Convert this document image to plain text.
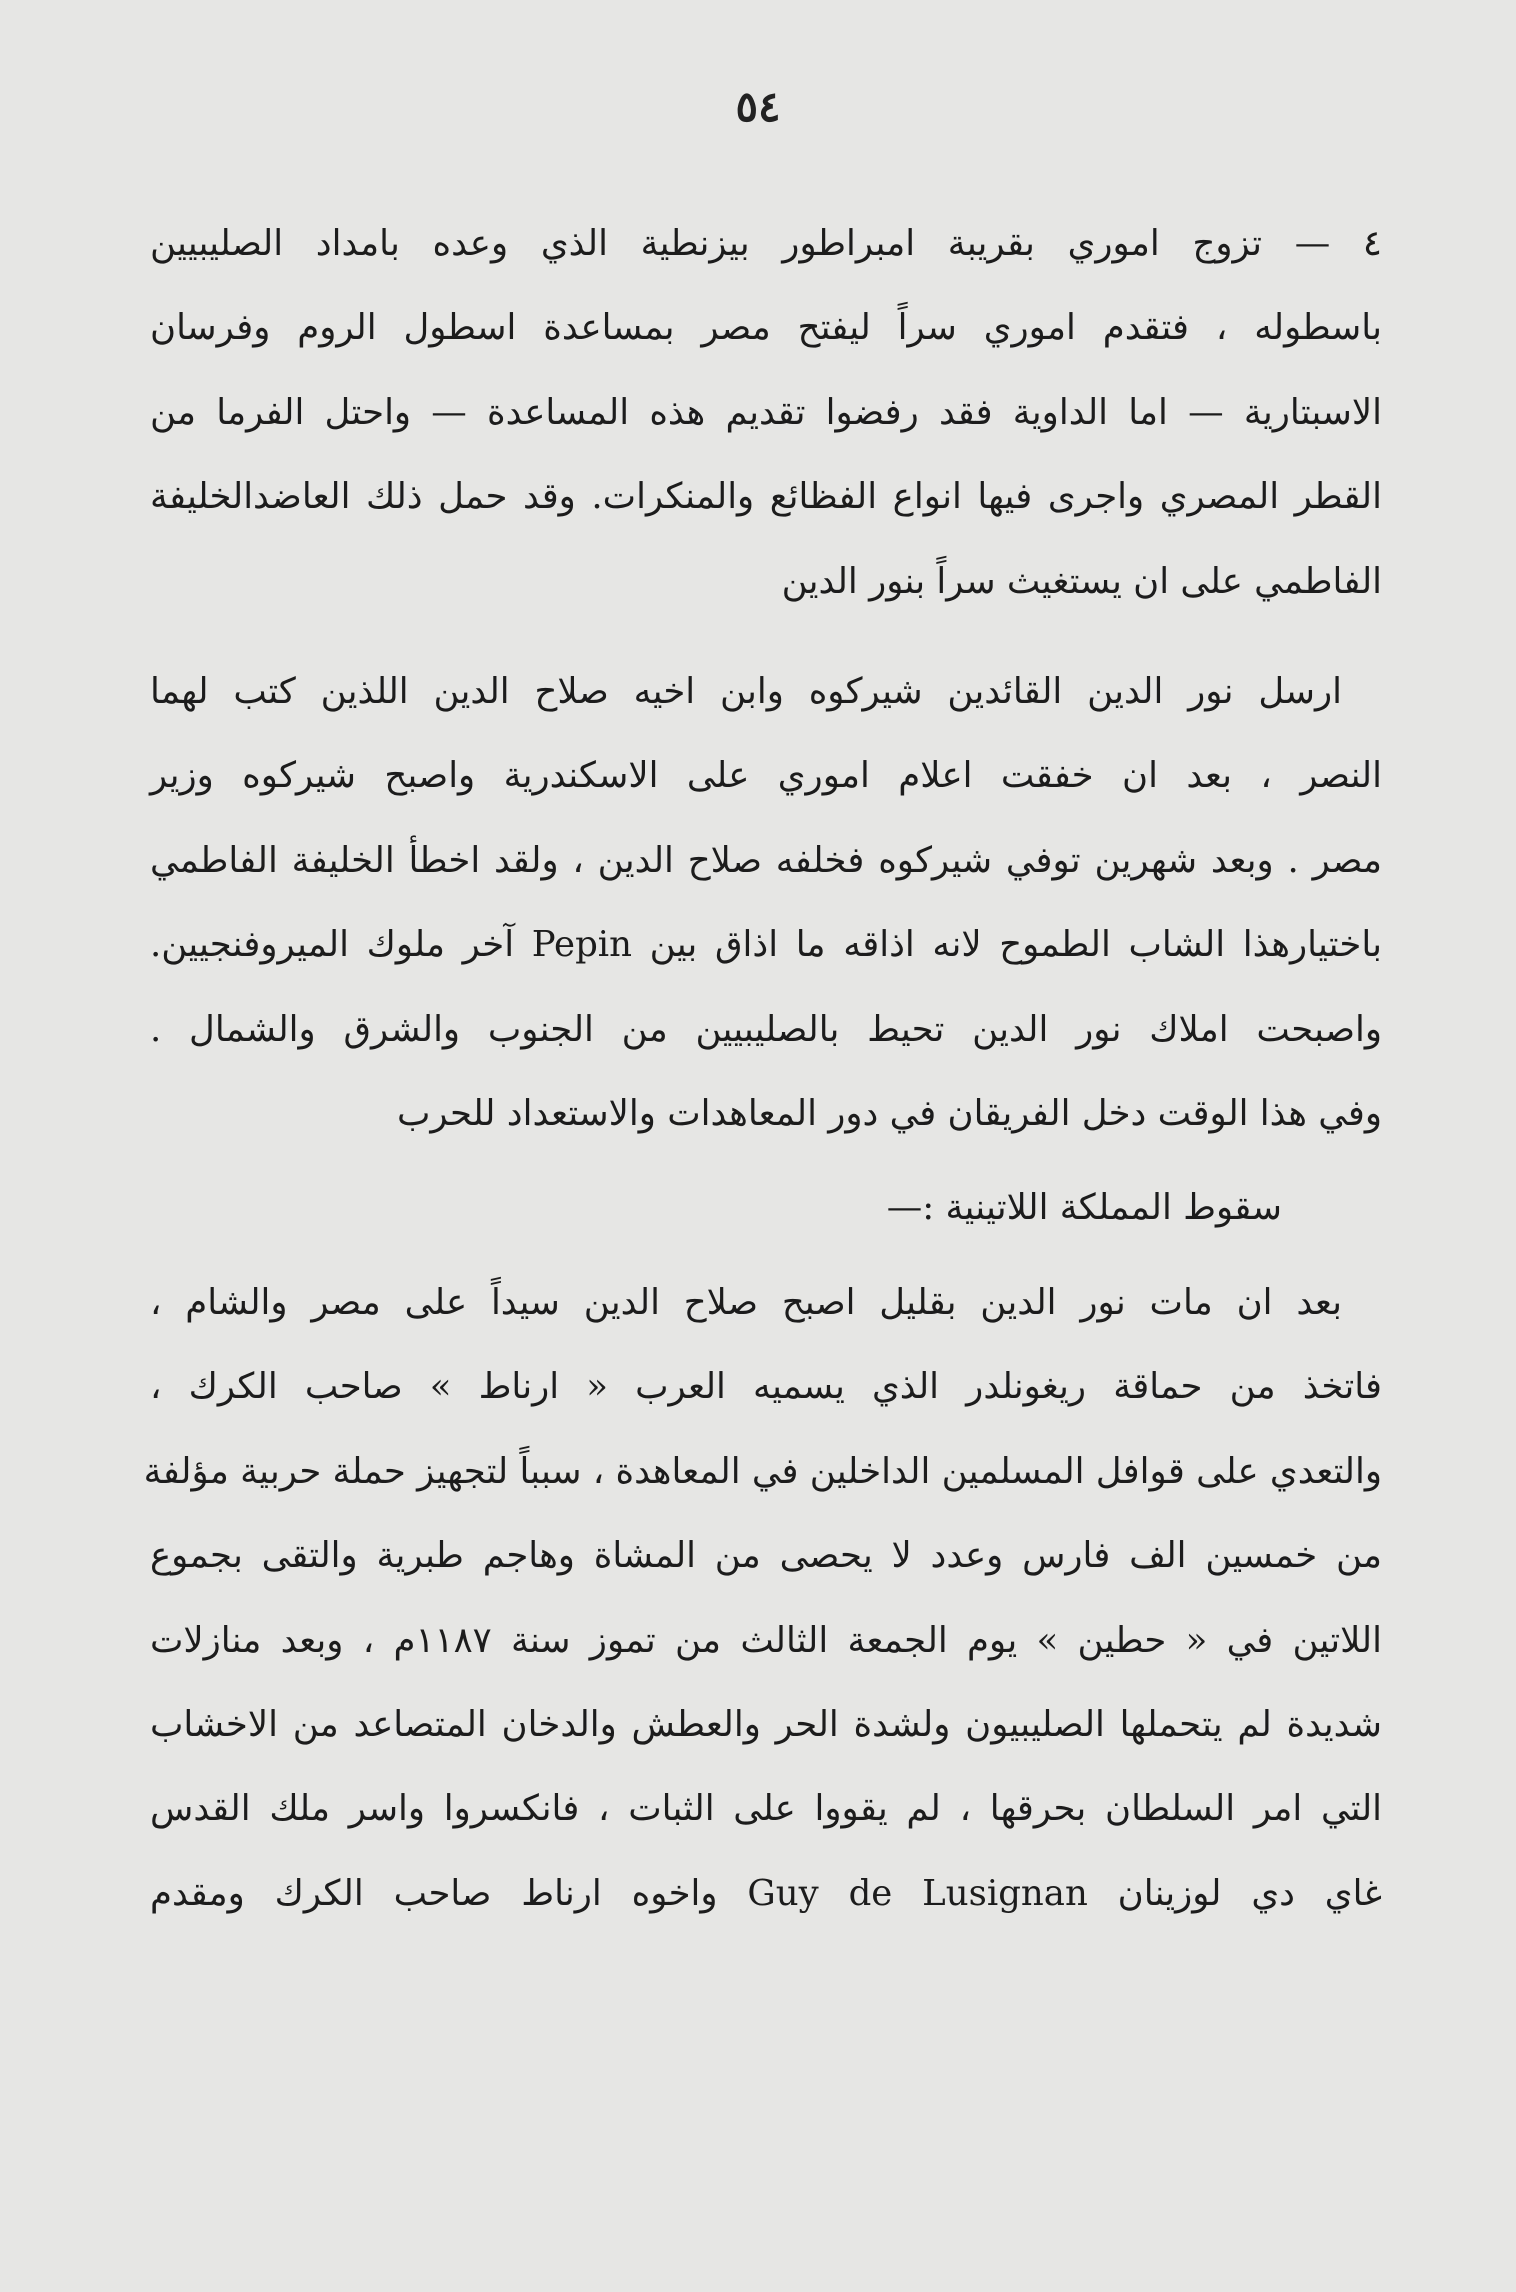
٥٤

٤ — تزوج اموري بقريبة امبراطور بيزنطية الذي وعده بامداد الصليبيين

باسطوله ، فتقدم اموري سراً ليفتح مصر بمساعدة اسطول الروم وفرسان

الاسبتارية — اما الداوية فقد رفضوا تقديم هذه المساعدة — واحتل الفرما من

القطر المصري واجرى فيها انواع الفظائع والمنكرات. وقد حمل ذلك العاضدالخليفة

الفاطمي على ان يستغيث سراً بنور الدين

ارسل نور الدين القائدين شيركوه وابن اخيه صلاح الدين اللذين كتب لهما

النصر ، بعد ان خفقت اعلام اموري على الاسكندرية واصبح شيركوه وزير

مصر . وبعد شهرين توفي شيركوه فخلفه صلاح الدين ، ولقد اخطأ الخليفة الفاطمي

باختيارهذا الشاب الطموح لانه اذاقه ما اذاق بين Pepin آخر ملوك الميروفنجيين.

واصبحت املاك نور الدين تحيط بالصليبيين من الجنوب والشرق والشمال .

وفي هذا الوقت دخل الفريقان في دور المعاهدات والاستعداد للحرب

سقوط المملكة اللاتينية :—

بعد ان مات نور الدين بقليل اصبح صلاح الدين سيداً على مصر والشام ،

فاتخذ من حماقة ريغونلدر الذي يسميه العرب « ارناط » صاحب الكرك ،

والتعدي على قوافل المسلمين الداخلين في المعاهدة ، سبباً لتجهيز حملة حربية مؤلفة

من خمسين الف فارس وعدد لا يحصى من المشاة وهاجم طبرية والتقى بجموع

اللاتين في « حطين » يوم الجمعة الثالث من تموز سنة ١١٨٧م ، وبعد منازلات

شديدة لم يتحملها الصليبيون ولشدة الحر والعطش والدخان المتصاعد من الاخشاب

التي امر السلطان بحرقها ، لم يقووا على الثبات ، فانكسروا واسر ملك القدس

غاي دي لوزينان Guy de Lusignan واخوه ارناط صاحب الكرك ومقدم
